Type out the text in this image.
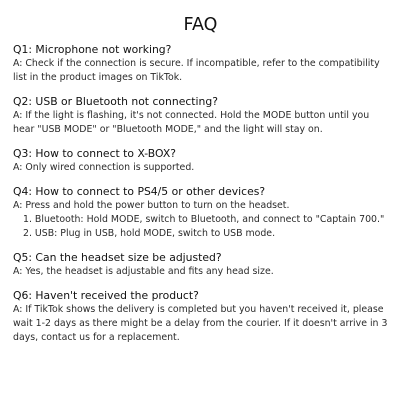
FAQ

Q1: Microphone not working?

A: Check if the connection is secure. If incompatible, refer to the compatibility list in the product images on TikTok.

Q2: USB or Bluetooth not connecting?

A: If the light is flashing, it's not connected. Hold the MODE button until you hear "USB MODE" or "Bluetooth MODE," and the light will stay on.

Q3: How to connect to X-BOX?

A: Only wired connection is supported.

Q4: How to connect to PS4/5 or other devices?

A: Press and hold the power button to turn on the headset.

1. Bluetooth: Hold MODE, switch to Bluetooth, and connect to "Captain 700."
2. USB: Plug in USB, hold MODE, switch to USB mode.

Q5: Can the headset size be adjusted?

A: Yes, the headset is adjustable and fits any head size.

Q6: Haven't received the product?

A: If TikTok shows the delivery is completed but you haven't received it, please wait 1-2 days as there might be a delay from the courier. If it doesn't arrive in 3 days, contact us for a replacement.
